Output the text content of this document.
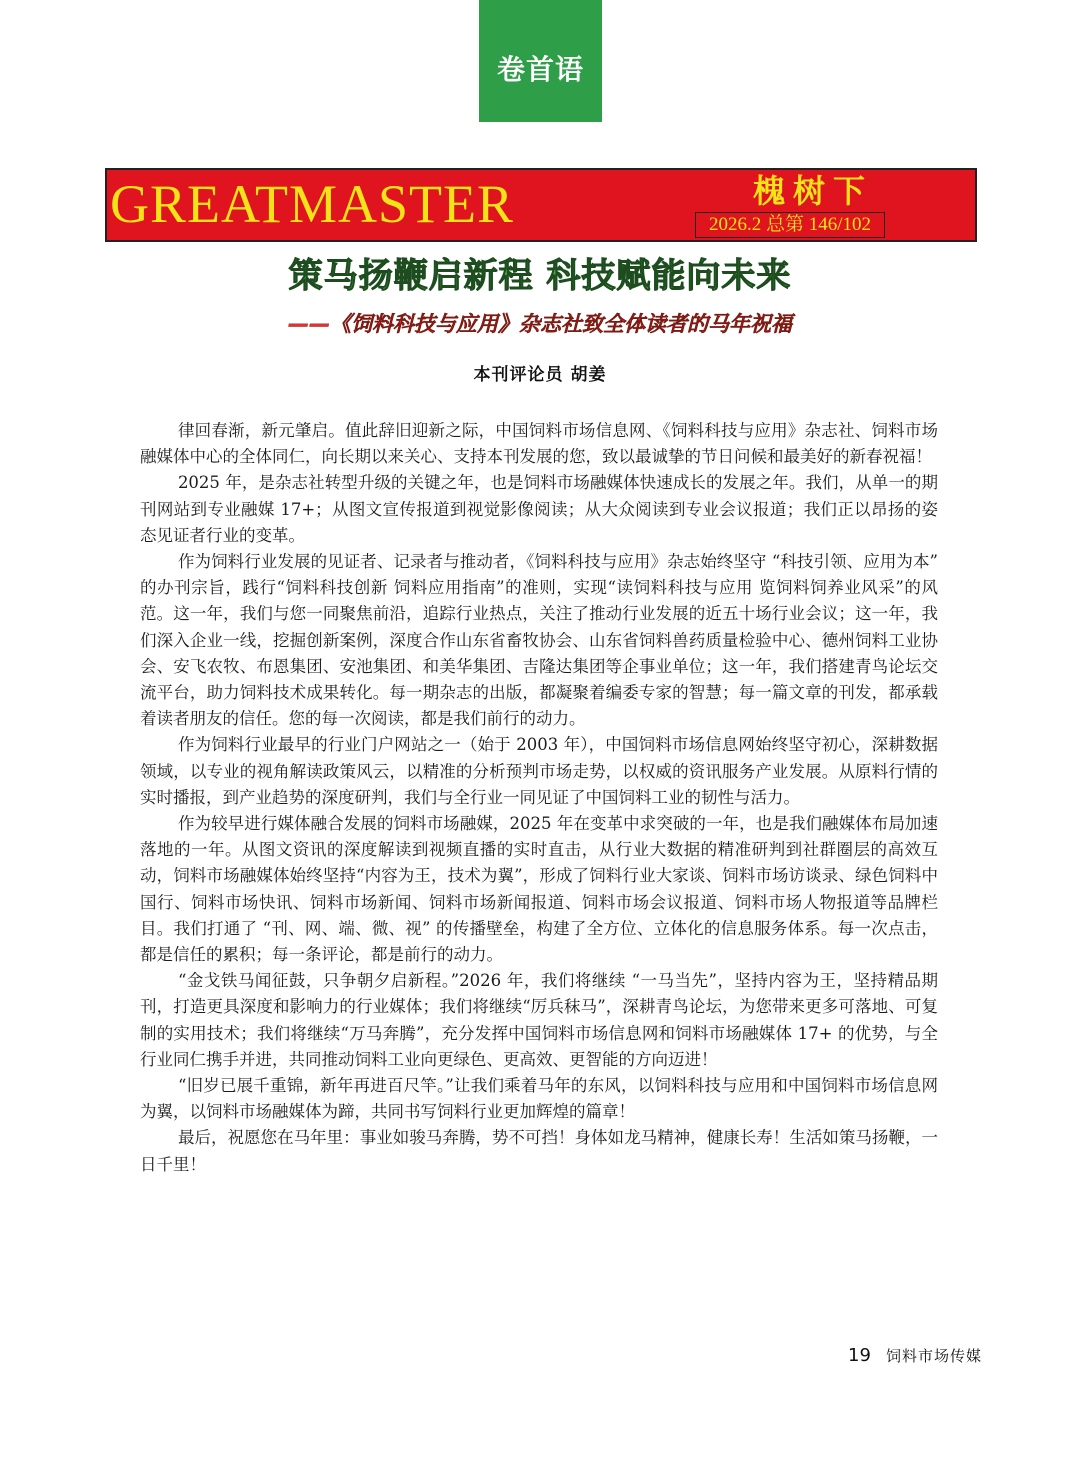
卷首语
GREATMASTER	槐树下
2026.2 总第 146/102
策马扬鞭启新程 科技赋能向未来
——《饲料科技与应用》杂志社致全体读者的马年祝福
本刊评论员 胡姜

律回春渐，新元肇启。值此辞旧迎新之际，中国饲料市场信息网、《饲料科技与应用》杂志社、饲料市场融媒体中心的全体同仁，向长期以来关心、支持本刊发展的您，致以最诚挚的节日问候和最美好的新春祝福！

2025 年，是杂志社转型升级的关键之年，也是饲料市场融媒体快速成长的发展之年。我们，从单一的期刊网站到专业融媒 17+；从图文宣传报道到视觉影像阅读；从大众阅读到专业会议报道；我们正以昂扬的姿态见证者行业的变革。

作为饲料行业发展的见证者、记录者与推动者，《饲料科技与应用》杂志始终坚守 “科技引领、应用为本” 的办刊宗旨，践行“饲料科技创新 饲料应用指南”的准则，实现“读饲料科技与应用 览饲料饲养业风采”的风范。这一年，我们与您一同聚焦前沿，追踪行业热点，关注了推动行业发展的近五十场行业会议；这一年，我们深入企业一线，挖掘创新案例，深度合作山东省畜牧协会、山东省饲料兽药质量检验中心、德州饲料工业协会、安飞农牧、布恩集团、安池集团、和美华集团、吉隆达集团等企事业单位；这一年，我们搭建青鸟论坛交流平台，助力饲料技术成果转化。每一期杂志的出版，都凝聚着编委专家的智慧；每一篇文章的刊发，都承载着读者朋友的信任。您的每一次阅读，都是我们前行的动力。

作为饲料行业最早的行业门户网站之一（始于 2003 年），中国饲料市场信息网始终坚守初心，深耕数据领域，以专业的视角解读政策风云，以精准的分析预判市场走势，以权威的资讯服务产业发展。从原料行情的实时播报，到产业趋势的深度研判，我们与全行业一同见证了中国饲料工业的韧性与活力。

作为较早进行媒体融合发展的饲料市场融媒，2025 年在变革中求突破的一年，也是我们融媒体布局加速落地的一年。从图文资讯的深度解读到视频直播的实时直击，从行业大数据的精准研判到社群圈层的高效互动，饲料市场融媒体始终坚持“内容为王，技术为翼”，形成了饲料行业大家谈、饲料市场访谈录、绿色饲料中国行、饲料市场快讯、饲料市场新闻、饲料市场新闻报道、饲料市场会议报道、饲料市场人物报道等品牌栏目。我们打通了 “刊、网、端、微、视” 的传播壁垒，构建了全方位、立体化的信息服务体系。每一次点击，都是信任的累积；每一条评论，都是前行的动力。

“金戈铁马闻征鼓，只争朝夕启新程。”2026 年，我们将继续 “一马当先”，坚持内容为王，坚持精品期刊，打造更具深度和影响力的行业媒体；我们将继续“厉兵秣马”，深耕青鸟论坛，为您带来更多可落地、可复制的实用技术；我们将继续“万马奔腾”，充分发挥中国饲料市场信息网和饲料市场融媒体 17+ 的优势，与全行业同仁携手并进，共同推动饲料工业向更绿色、更高效、更智能的方向迈进！

“旧岁已展千重锦，新年再进百尺竿。”让我们乘着马年的东风，以饲料科技与应用和中国饲料市场信息网为翼，以饲料市场融媒体为蹄，共同书写饲料行业更加辉煌的篇章！

最后，祝愿您在马年里：事业如骏马奔腾，势不可挡！身体如龙马精神，健康长寿！生活如策马扬鞭，一日千里！

19 饲料市场传媒
